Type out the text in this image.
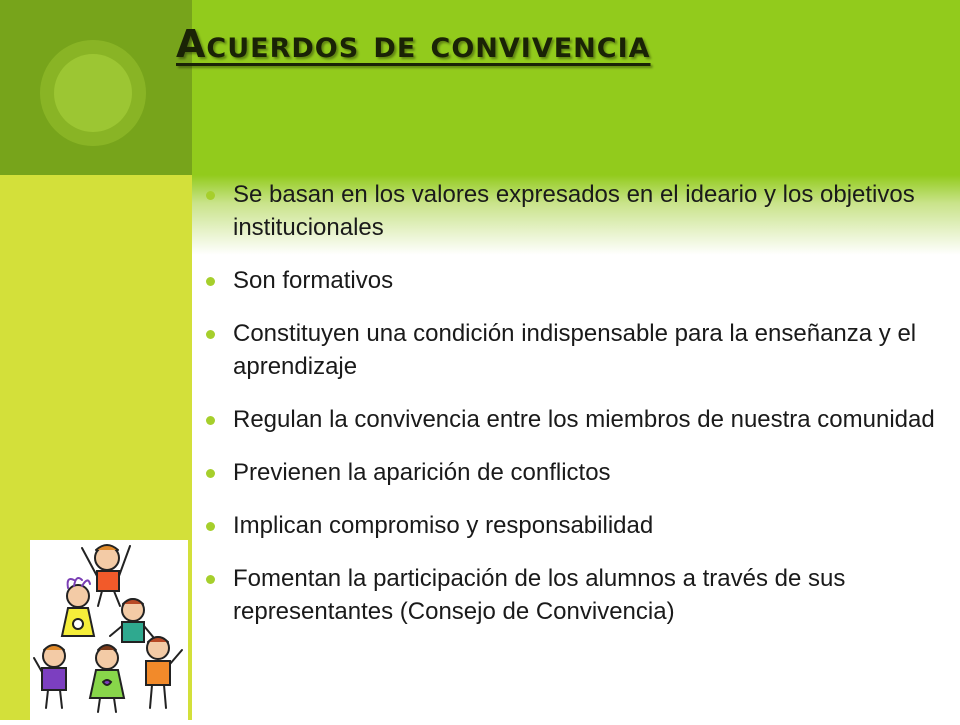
Acuerdos de convivencia
Se basan en los valores expresados en el ideario y los objetivos institucionales
Son formativos
Constituyen una condición indispensable para la enseñanza y el aprendizaje
Regulan la convivencia entre los miembros de nuestra comunidad
Previenen la aparición de conflictos
Implican compromiso y responsabilidad
Fomentan la participación de los alumnos a través de sus representantes (Consejo de Convivencia)
